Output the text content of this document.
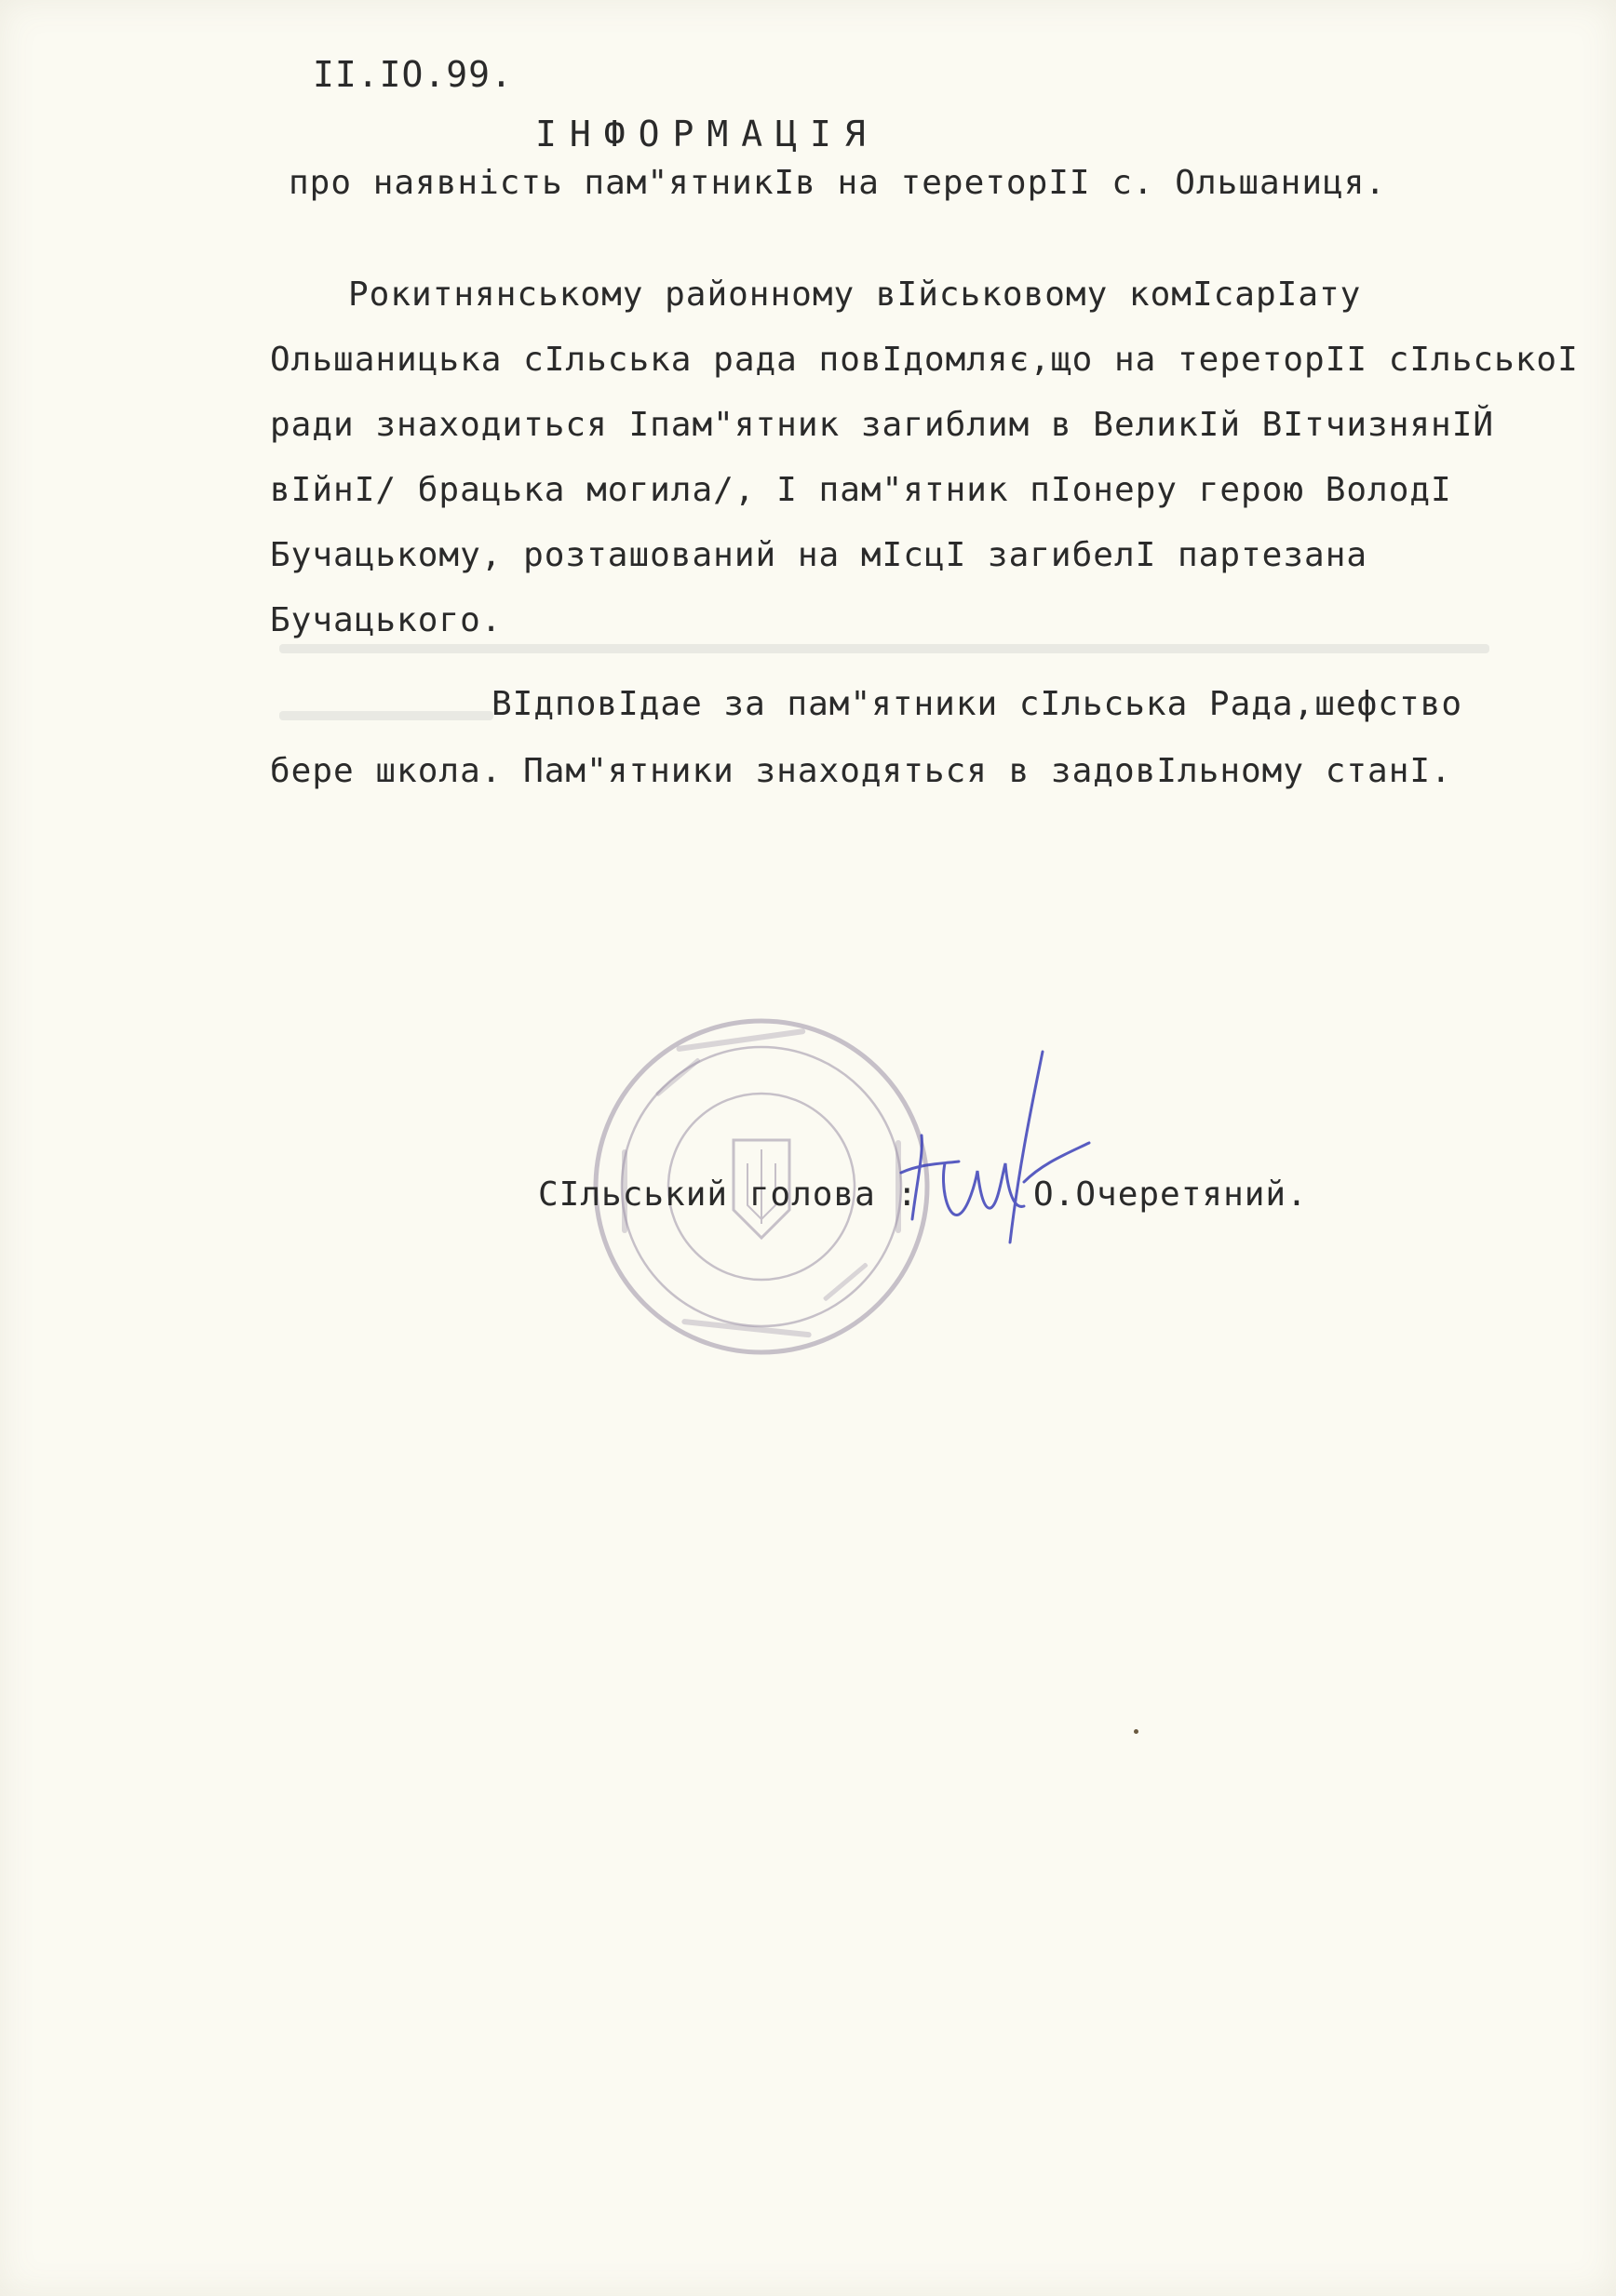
II.IO.99.
ІНФОРМАЦІЯ
про наявність пам"ятникІв на терeторII с. Ольшаниця.
Рокитнянському районному вІйськовому комІсарІату
Ольшаницька сІльська рада повІдомляє,що на терeторII сІльськоI
ради знаходиться Іпам"ятник загиблим в ВеликIй ВIтчизнянIЙ
вIйнI/ брацька могила/, I пам"ятник пIонеру герою ВолодI
Бучацькому, розташований на мIсцI загибелI партезана
Бучацького.
ВIдповIдае за пам"ятники сIльська Рада,шефство
бере школа. Пам"ятники знаходяться в задовIльному станI.
СIльський голова :	О.Очеретяний.
